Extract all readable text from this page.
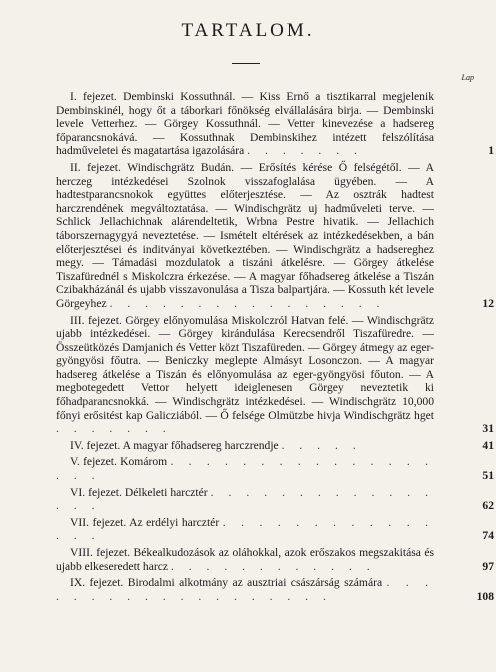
TARTALOM.
Lap
I. fejezet. Dembinski Kossuthnál. — Kiss Ernő a tisztikarral megjelenik Dembinskinél, hogy őt a táborkari főnökség elvállalására birja. — Dembinski levele Vetterhez. — Görgey Kossuthnál. — Vetter kinevezése a hadsereg főparancsnokává. — Kossuthnak Dembinskihez intézett felszólítása hadműveletei és magatartása igazolására . . . . . . .	1
II. fejezet. Windischgrätz Budán. — Erősítés kérése Ő felségétől. — A herczeg intézkedései Szolnok visszafoglalása ügyében. — A hadtestparancsnokok együttes előterjesztése. — Az osztrák hadtest harczrendének megváltoztatása. — Windischgrätz uj hadműveleti terve. — Schlick Jellachichnak alárendeltetik, Wrbna Pestre hivatik. — Jellachich táborszernagygyá neveztetése. — Ismételt eltérések az intézkedésekben, a bán előterjesztései és inditványai következtében. — Windischgrätz a hadsereghez megy. — Támadási mozdulatok a tiszáni átkelésre. — Görgey átkelése Tiszafürednél s Miskolczra érkezése. — A magyar főhadsereg átkelése a Tiszán Czibakházánál és ujabb visszavonulása a Tisza balpartjára. — Kossuth két levele Görgeyhez . . . . . . . . . . . . . . . .	12
III. fejezet. Görgey előnyomulása Miskolczról Hatvan felé. — Windischgrätz ujabb intézkedései. — Görgey kirándulása Kerecsendről Tiszafüredre. — Összeütközés Damjanich és Vetter közt Tiszafüreden. — Görgey átmegy az eger-gyöngyösi főutra. — Beniczky meglepte Almásyt Losonczon. — A magyar hadsereg átkelése a Tiszán és előnyomulása az eger-gyöngyösi főuton. — A megbotegedett Vettor helyett ideiglenesen Görgey neveztetik ki főhadparancsnokká. — Windischgrätz intézkedései. — Windischgrätz 10,000 főnyi erősitést kap Galicziából. — Ő felsége Olmützbe hivja Windischgrätz hget . . . . . . .	31
IV. fejezet. A magyar főhadsereg harczrendje . . . . .	41
V. fejezet. Komárom . . . . . . . . . . . . . . . . . .	51
VI. fejezet. Délkeleti harcztér . . . . . . . . . . . . . . . .	62
VII. fejezet. Az erdélyi harcztér . . . . . . . . . . . . . . .	74
VIII. fejezet. Békealkudozások az oláhokkal, azok erőszakos megszakitása és ujabb elkeseredett harcz . . . . . . . . . . . .	97
IX. fejezet. Birodalmi alkotmány az ausztriai császárság számára . . . . . . . . . . . . . . . . . . .	108
